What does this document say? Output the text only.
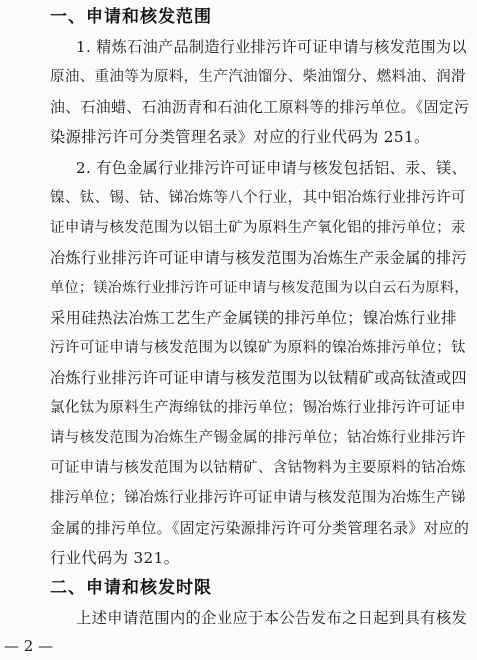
一、申请和核发范围
1. 精炼石油产品制造行业排污许可证申请与核发范围为以
原油、重油等为原料，生产汽油馏分、柴油馏分、燃料油、润滑
油、石油蜡、石油沥青和石油化工原料等的排污单位。《固定污
染源排污许可分类管理名录》对应的行业代码为 251。
2. 有色金属行业排污许可证申请与核发包括铝、汞、镁、
镍、钛、锡、钴、锑冶炼等八个行业，其中铝冶炼行业排污许可
证申请与核发范围为以铝土矿为原料生产氧化铝的排污单位；汞
冶炼行业排污许可证申请与核发范围为冶炼生产汞金属的排污
单位；镁冶炼行业排污许可证申请与核发范围为以白云石为原料，
采用硅热法冶炼工艺生产金属镁的排污单位；镍冶炼行业排
污许可证申请与核发范围为以镍矿为原料的镍冶炼排污单位；钛
冶炼行业排污许可证申请与核发范围为以钛精矿或高钛渣或四
氯化钛为原料生产海绵钛的排污单位；锡冶炼行业排污许可证申
请与核发范围为冶炼生产锡金属的排污单位；钴冶炼行业排污许
可证申请与核发范围为以钴精矿、含钴物料为主要原料的钴冶炼
排污单位；锑冶炼行业排污许可证申请与核发范围为冶炼生产锑
金属的排污单位。《固定污染源排污许可分类管理名录》对应的
行业代码为 321。
二、申请和核发时限
上述申请范围内的企业应于本公告发布之日起到具有核发
— 2 —
